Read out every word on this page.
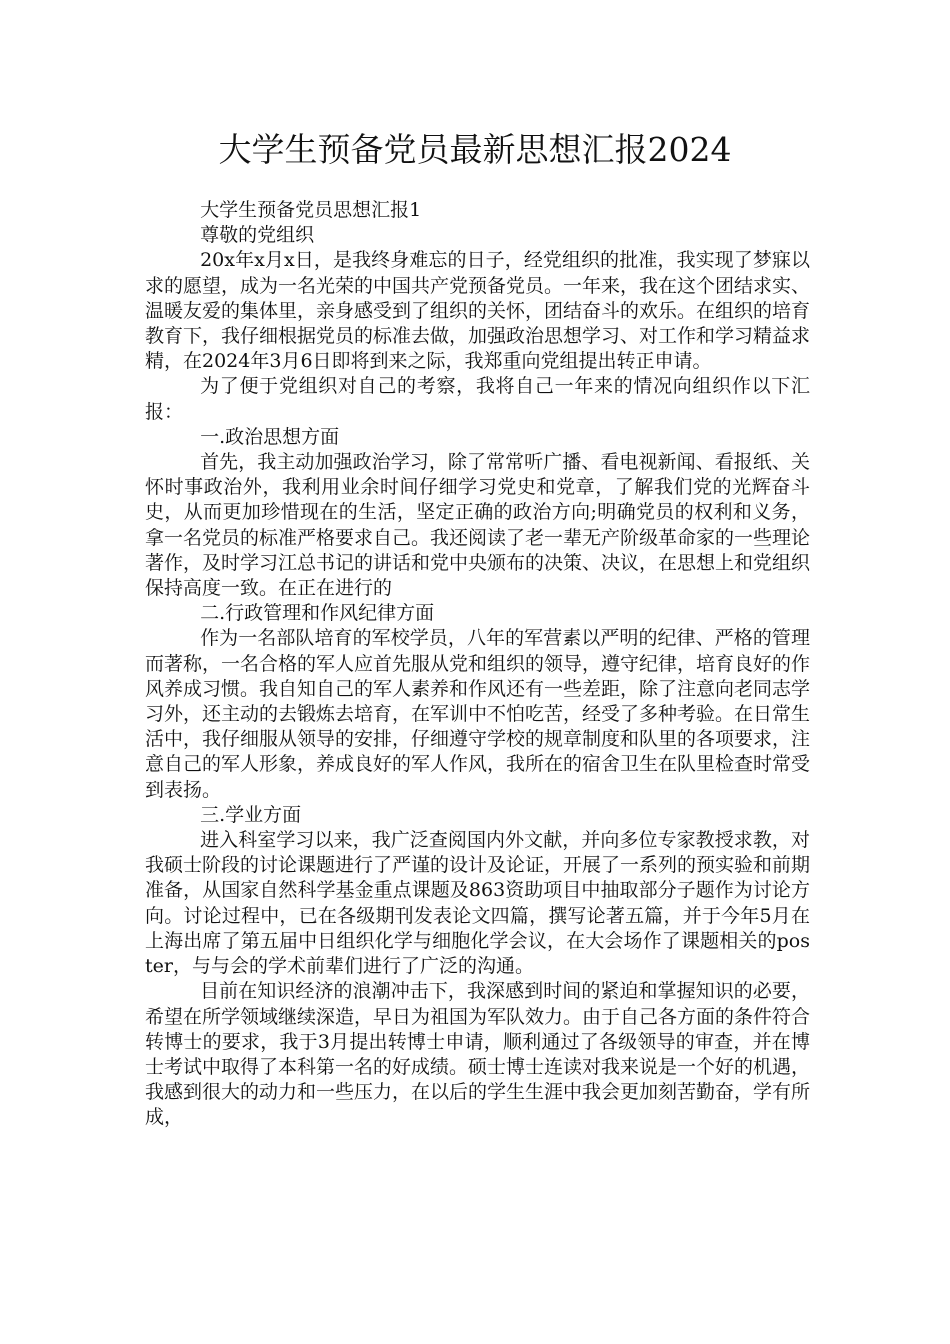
大学生预备党员最新思想汇报2024

大学生预备党员思想汇报1

尊敬的党组织

20x年x月x日，是我终身难忘的日子，经党组织的批准，我实现了梦寐以求的愿望，成为一名光荣的中国共产党预备党员。一年来，我在这个团结求实、温暖友爱的集体里，亲身感受到了组织的关怀，团结奋斗的欢乐。在组织的培育教育下，我仔细根据党员的标准去做，加强政治思想学习、对工作和学习精益求精，在2024年3月6日即将到来之际，我郑重向党组提出转正申请。

为了便于党组织对自己的考察，我将自己一年来的情况向组织作以下汇报：

一.政治思想方面

首先，我主动加强政治学习，除了常常听广播、看电视新闻、看报纸、关怀时事政治外，我利用业余时间仔细学习党史和党章，了解我们党的光辉奋斗史，从而更加珍惜现在的生活，坚定正确的政治方向;明确党员的权利和义务，拿一名党员的标准严格要求自己。我还阅读了老一辈无产阶级革命家的一些理论著作，及时学习江总书记的讲话和党中央颁布的决策、决议，在思想上和党组织保持高度一致。在正在进行的

二.行政管理和作风纪律方面

作为一名部队培育的军校学员，八年的军营素以严明的纪律、严格的管理而著称，一名合格的军人应首先服从党和组织的领导，遵守纪律，培育良好的作风养成习惯。我自知自己的军人素养和作风还有一些差距，除了注意向老同志学习外，还主动的去锻炼去培育，在军训中不怕吃苦，经受了多种考验。在日常生活中，我仔细服从领导的安排，仔细遵守学校的规章制度和队里的各项要求，注意自己的军人形象，养成良好的军人作风，我所在的宿舍卫生在队里检查时常受到表扬。

三.学业方面

进入科室学习以来，我广泛查阅国内外文献，并向多位专家教授求教，对我硕士阶段的讨论课题进行了严谨的设计及论证，开展了一系列的预实验和前期准备，从国家自然科学基金重点课题及863资助项目中抽取部分子题作为讨论方向。讨论过程中，已在各级期刊发表论文四篇，撰写论著五篇，并于今年5月在上海出席了第五届中日组织化学与细胞化学会议，在大会场作了课题相关的poster，与与会的学术前辈们进行了广泛的沟通。

目前在知识经济的浪潮冲击下，我深感到时间的紧迫和掌握知识的必要，希望在所学领域继续深造，早日为祖国为军队效力。由于自己各方面的条件符合转博士的要求，我于3月提出转博士申请，顺利通过了各级领导的审查，并在博士考试中取得了本科第一名的好成绩。硕士博士连读对我来说是一个好的机遇，我感到很大的动力和一些压力，在以后的学生生涯中我会更加刻苦勤奋，学有所成，
